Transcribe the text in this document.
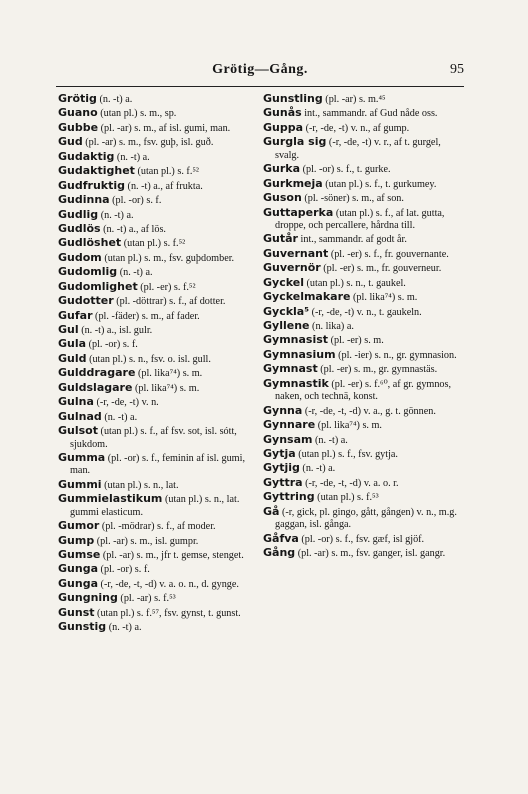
Grötig—Gång.	95
Grötig (n. -t) a.
Guano (utan pl.) s. m., sp.
Gubbe (pl. -ar) s. m., af isl. gumi, man.
Gud (pl. -ar) s. m., fsv. guþ, isl. guð.
Gudaktig (n. -t) a.
Gudaktighet (utan pl.) s. f.⁵²
Gudfruktig (n. -t) a., af frukta.
Gudinna (pl. -or) s. f.
Gudlig (n. -t) a.
Gudlös (n. -t) a., af lös.
Gudlöshet (utan pl.) s. f.⁵²
Gudom (utan pl.) s. m., fsv. guþdomber.
Gudomlig (n. -t) a.
Gudomlighet (pl. -er) s. f.⁵²
Gudotter (pl. -döttrar) s. f., af dotter.
Gufar (pl. -fäder) s. m., af fader.
Gul (n. -t) a., isl. gulr.
Gula (pl. -or) s. f.
Guld (utan pl.) s. n., fsv. o. isl. gull.
Gulddragare (pl. lika⁷⁴) s. m.
Guldslagare (pl. lika⁷⁴) s. m.
Gulna (-r, -de, -t) v. n.
Gulnad (n. -t) a.
Gulsot (utan pl.) s. f., af fsv. sot, isl. sótt, sjukdom.
Gumma (pl. -or) s. f., feminin af isl. gumi, man.
Gummi (utan pl.) s. n., lat.
Gummielastikum (utan pl.) s. n., lat. gummi elasticum.
Gumor (pl. -mödrar) s. f., af moder.
Gump (pl. -ar) s. m., isl. gumpr.
Gumse (pl. -ar) s. m., jfr t. gemse, stenget.
Gunga (pl. -or) s. f.
Gunga (-r, -de, -t, -d) v. a. o. n., d. gynge.
Gungning (pl. -ar) s. f.⁵³
Gunst (utan pl.) s. f.⁵⁷, fsv. gynst, t. gunst.
Gunstig (n. -t) a.
Gunstling (pl. -ar) s. m.⁴⁵
Gunås int., sammandr. af Gud nåde oss.
Guppa (-r, -de, -t) v. n., af gump.
Gurgla sig (-r, -de, -t) v. r., af t. gurgel, svalg.
Gurka (pl. -or) s. f., t. gurke.
Gurkmeja (utan pl.) s. f., t. gurkumey.
Guson (pl. -söner) s. m., af son.
Guttaperka (utan pl.) s. f., af lat. gutta, droppe, och percallere, hårdna till.
Gutår int., sammandr. af godt år.
Guvernant (pl. -er) s. f., fr. gouvernante.
Guvernör (pl. -er) s. m., fr. gouverneur.
Gyckel (utan pl.) s. n., t. gaukel.
Gyckelmakare (pl. lika⁷⁴) s. m.
Gyckla⁵ (-r, -de, -t) v. n., t. gaukeln.
Gyllene (n. lika) a.
Gymnasist (pl. -er) s. m.
Gymnasium (pl. -ier) s. n., gr. gymnasion.
Gymnast (pl. -er) s. m., gr. gymnastäs.
Gymnastik (pl. -er) s. f.⁶⁰, af gr. gymnos, naken, och technä, konst.
Gynna (-r, -de, -t, -d) v. a., g. t. gönnen.
Gynnare (pl. lika⁷⁴) s. m.
Gynsam (n. -t) a.
Gytja (utan pl.) s. f., fsv. gytja.
Gytjig (n. -t) a.
Gyttra (-r, -de, -t, -d) v. a. o. r.
Gyttring (utan pl.) s. f.⁵³
Gå (-r, gick, pl. gingo, gått, gången) v. n., m.g. gaggan, isl. gånga.
Gåfva (pl. -or) s. f., fsv. gæf, isl gjöf.
Gång (pl. -ar) s. m., fsv. ganger, isl. gangr.
